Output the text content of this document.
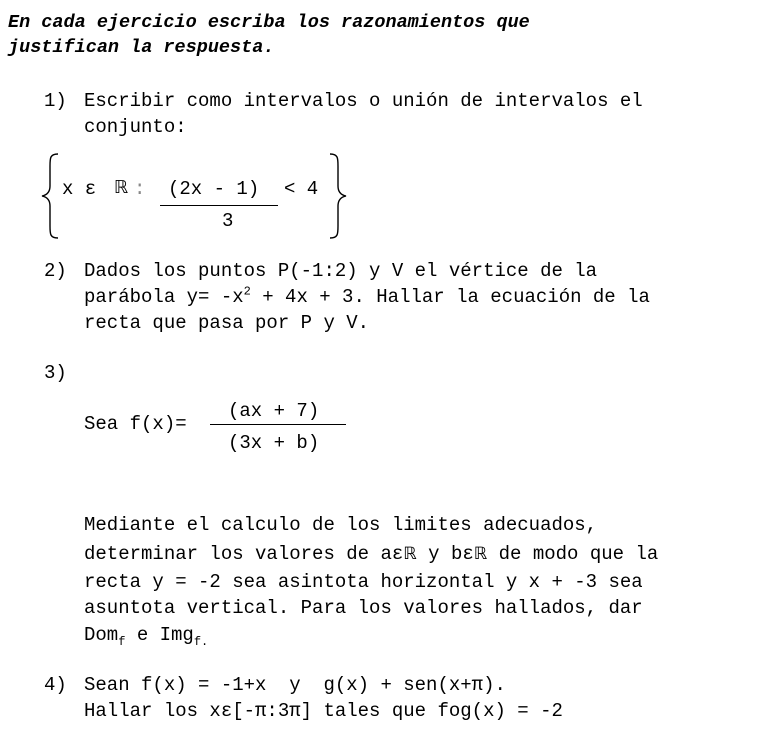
En cada ejercicio escriba los razonamientos que
justifican la respuesta.
1) Escribir como intervalos o unión de intervalos el
conjunto:
x ε ℝ : (2x - 1) < 4
3
2) Dados los puntos P(-1:2) y V el vértice de la
parábola $y= -x^2 + 4x + 3$. Hallar la ecuación de la
recta que pasa por P y V.
3)
Sea f(x)=
(ax + 7)
(3x + b)
Mediante el calculo de los limites adecuados,
determinar los valores de aεℝ y bεℝ de modo que la
recta y = -2 sea asintota horizontal y x + -3 sea
asuntota vertical. Para los valores hallados, dar
Dom$_f$ e Img$_{f.}$
4) Sean f(x) = -1+x  y  g(x) + sen(x+π).
Hallar los xε[-π:3π] tales que fog(x) = -2
